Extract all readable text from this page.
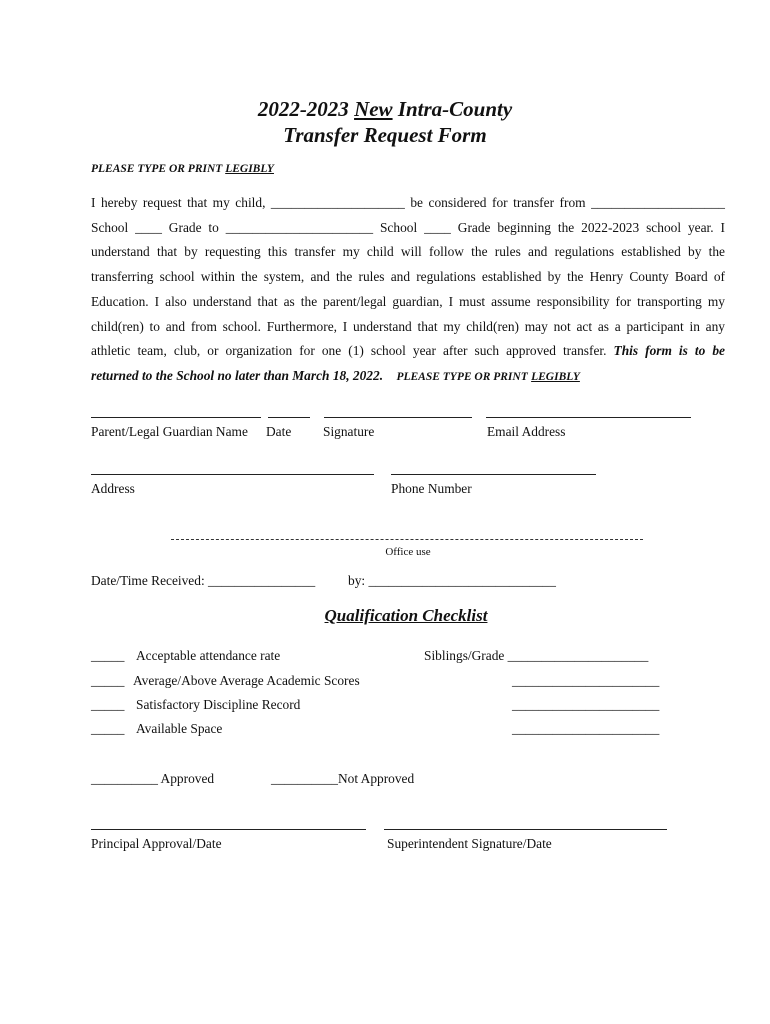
2022-2023 New Intra-County
Transfer Request Form
PLEASE TYPE OR PRINT LEGIBLY

I hereby request that my child, ____________________ be considered for transfer from ____________________

School ____ Grade to ______________________ School ____ Grade beginning the 2022-2023 school year. I

understand that by requesting this transfer my child will follow the rules and regulations established by the

transferring school within the system, and the rules and regulations established by the Henry County Board of

Education. I also understand that as the parent/legal guardian, I must assume responsibility for transporting my

child(ren) to and from school. Furthermore, I understand that my child(ren) may not act as a participant in any

athletic team, club, or organization for one (1) school year after such approved transfer. This form is to be

returned to the School no later than March 18, 2022. PLEASE TYPE OR PRINT LEGIBLY

Parent/Legal Guardian Name Date Signature	Email Address
Address	Phone Number
Office use
Date/Time Received: ________________ by: ____________________________
Qualification Checklist
_____ Acceptable attendance rate	Siblings/Grade _____________________
_____ Average/Above Average Academic Scores	______________________
_____ Satisfactory Discipline Record	______________________
_____ Available Space	______________________
__________ Approved	__________Not Approved
Principal Approval/Date	Superintendent Signature/Date
